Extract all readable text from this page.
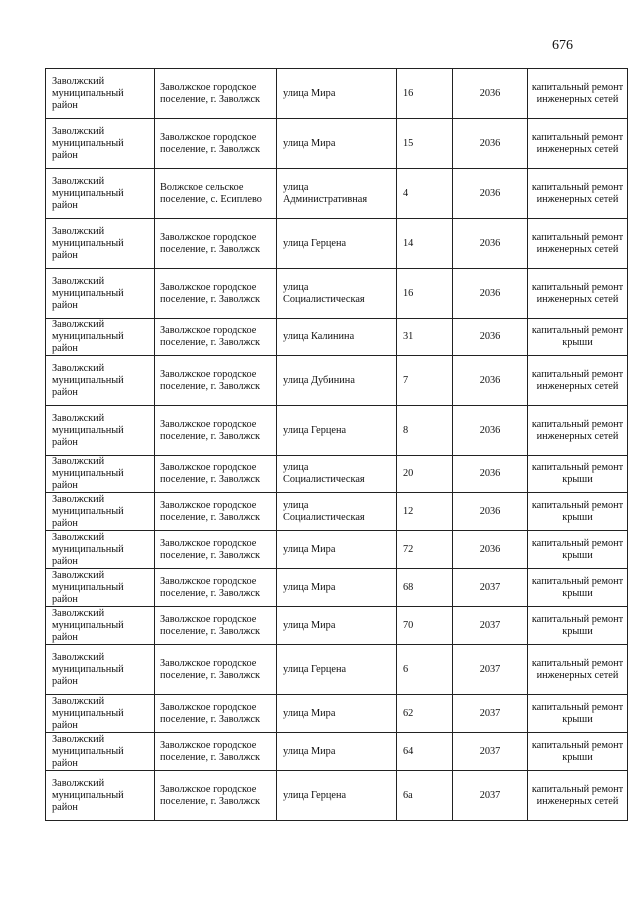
676
Заволжский муниципальный район	Заволжское городское поселение, г. Заволжск	улица Мира	16	2036	капитальный ремонт инженерных сетей
Заволжский муниципальный район	Заволжское городское поселение, г. Заволжск	улица Мира	15	2036	капитальный ремонт инженерных сетей
Заволжский муниципальный район	Волжское сельское поселение, с. Есиплево	улица Административная	4	2036	капитальный ремонт инженерных сетей
Заволжский муниципальный район	Заволжское городское поселение, г. Заволжск	улица Герцена	14	2036	капитальный ремонт инженерных сетей
Заволжский муниципальный район	Заволжское городское поселение, г. Заволжск	улица Социалистическая	16	2036	капитальный ремонт инженерных сетей
Заволжский муниципальный район	Заволжское городское поселение, г. Заволжск	улица Калинина	31	2036	капитальный ремонт крыши
Заволжский муниципальный район	Заволжское городское поселение, г. Заволжск	улица Дубинина	7	2036	капитальный ремонт инженерных сетей
Заволжский муниципальный район	Заволжское городское поселение, г. Заволжск	улица Герцена	8	2036	капитальный ремонт инженерных сетей
Заволжский муниципальный район	Заволжское городское поселение, г. Заволжск	улица Социалистическая	20	2036	капитальный ремонт крыши
Заволжский муниципальный район	Заволжское городское поселение, г. Заволжск	улица Социалистическая	12	2036	капитальный ремонт крыши
Заволжский муниципальный район	Заволжское городское поселение, г. Заволжск	улица Мира	72	2036	капитальный ремонт крыши
Заволжский муниципальный район	Заволжское городское поселение, г. Заволжск	улица Мира	68	2037	капитальный ремонт крыши
Заволжский муниципальный район	Заволжское городское поселение, г. Заволжск	улица Мира	70	2037	капитальный ремонт крыши
Заволжский муниципальный район	Заволжское городское поселение, г. Заволжск	улица Герцена	6	2037	капитальный ремонт инженерных сетей
Заволжский муниципальный район	Заволжское городское поселение, г. Заволжск	улица Мира	62	2037	капитальный ремонт крыши
Заволжский муниципальный район	Заволжское городское поселение, г. Заволжск	улица Мира	64	2037	капитальный ремонт крыши
Заволжский муниципальный район	Заволжское городское поселение, г. Заволжск	улица Герцена	6а	2037	капитальный ремонт инженерных сетей
